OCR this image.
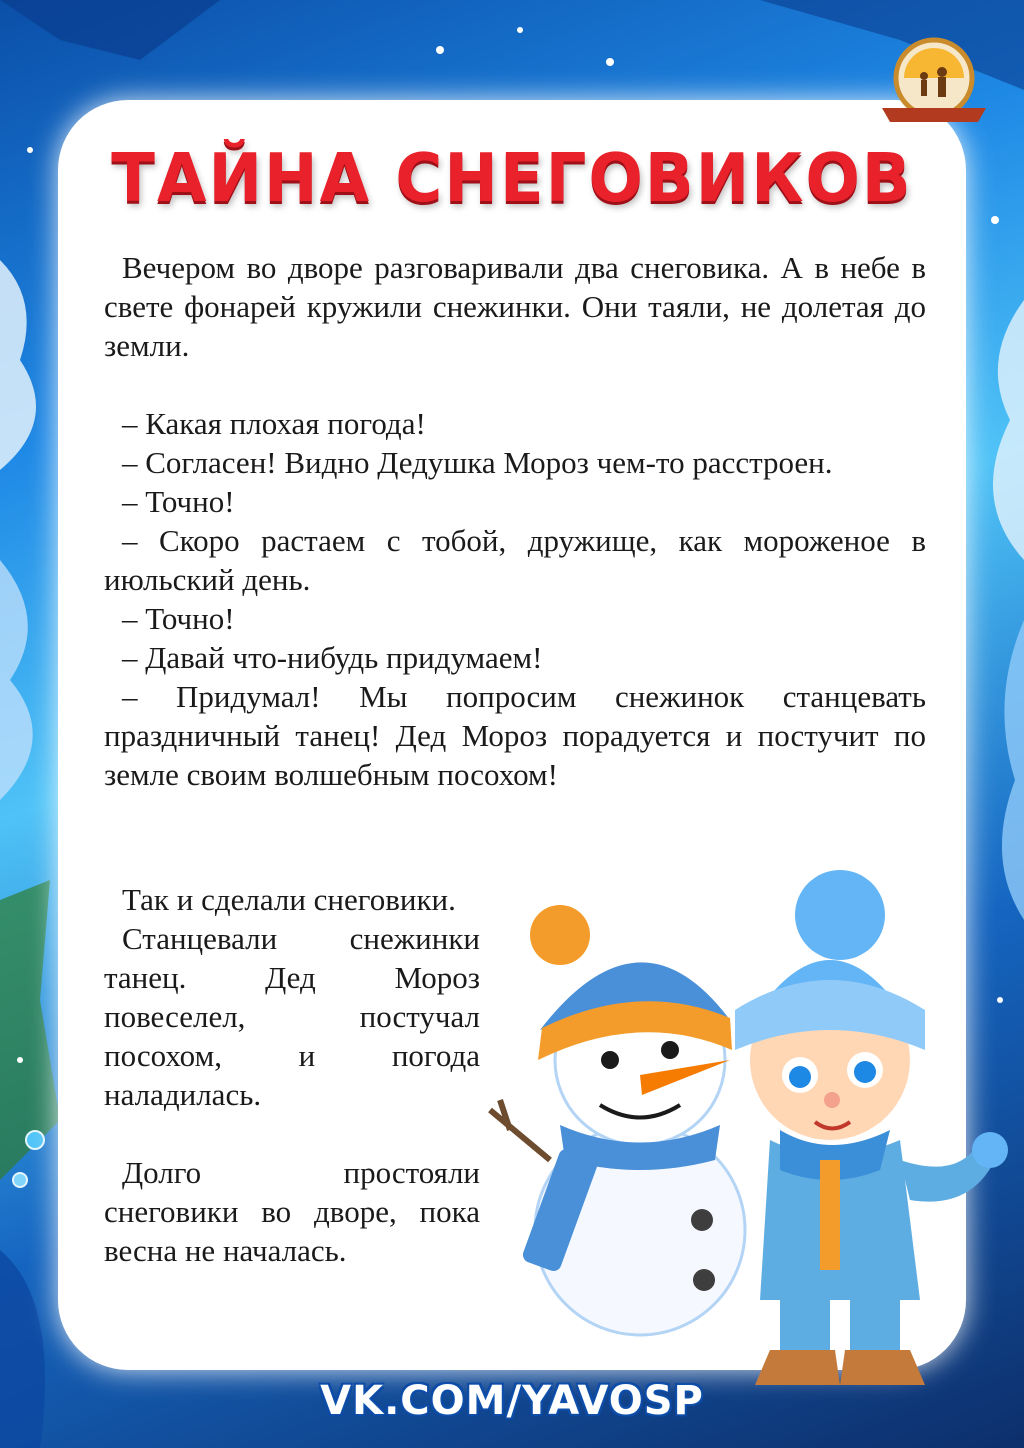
ТАЙНА СНЕГОВИКОВ

Вечером во дворе разговаривали два снеговика. А в небе в свете фонарей кружили снежинки. Они таяли, не долетая до земли.

– Какая плохая погода!

– Согласен! Видно Дедушка Мороз чем-то расстроен.

– Точно!

– Скоро растаем с тобой, дружище, как мороженое в июльский день.

– Точно!

– Давай что-нибудь придумаем!

– Придумал! Мы попросим снежинок станцевать праздничный танец! Дед Мороз порадуется и постучит по земле своим волшебным посохом!

Так и сделали снеговики.

Станцевали снежинки танец. Дед Мороз повеселел, постучал посохом, и погода наладилась.

Долго простояли снеговики во дворе, пока весна не началась.

VK.COM/YAVOSP
